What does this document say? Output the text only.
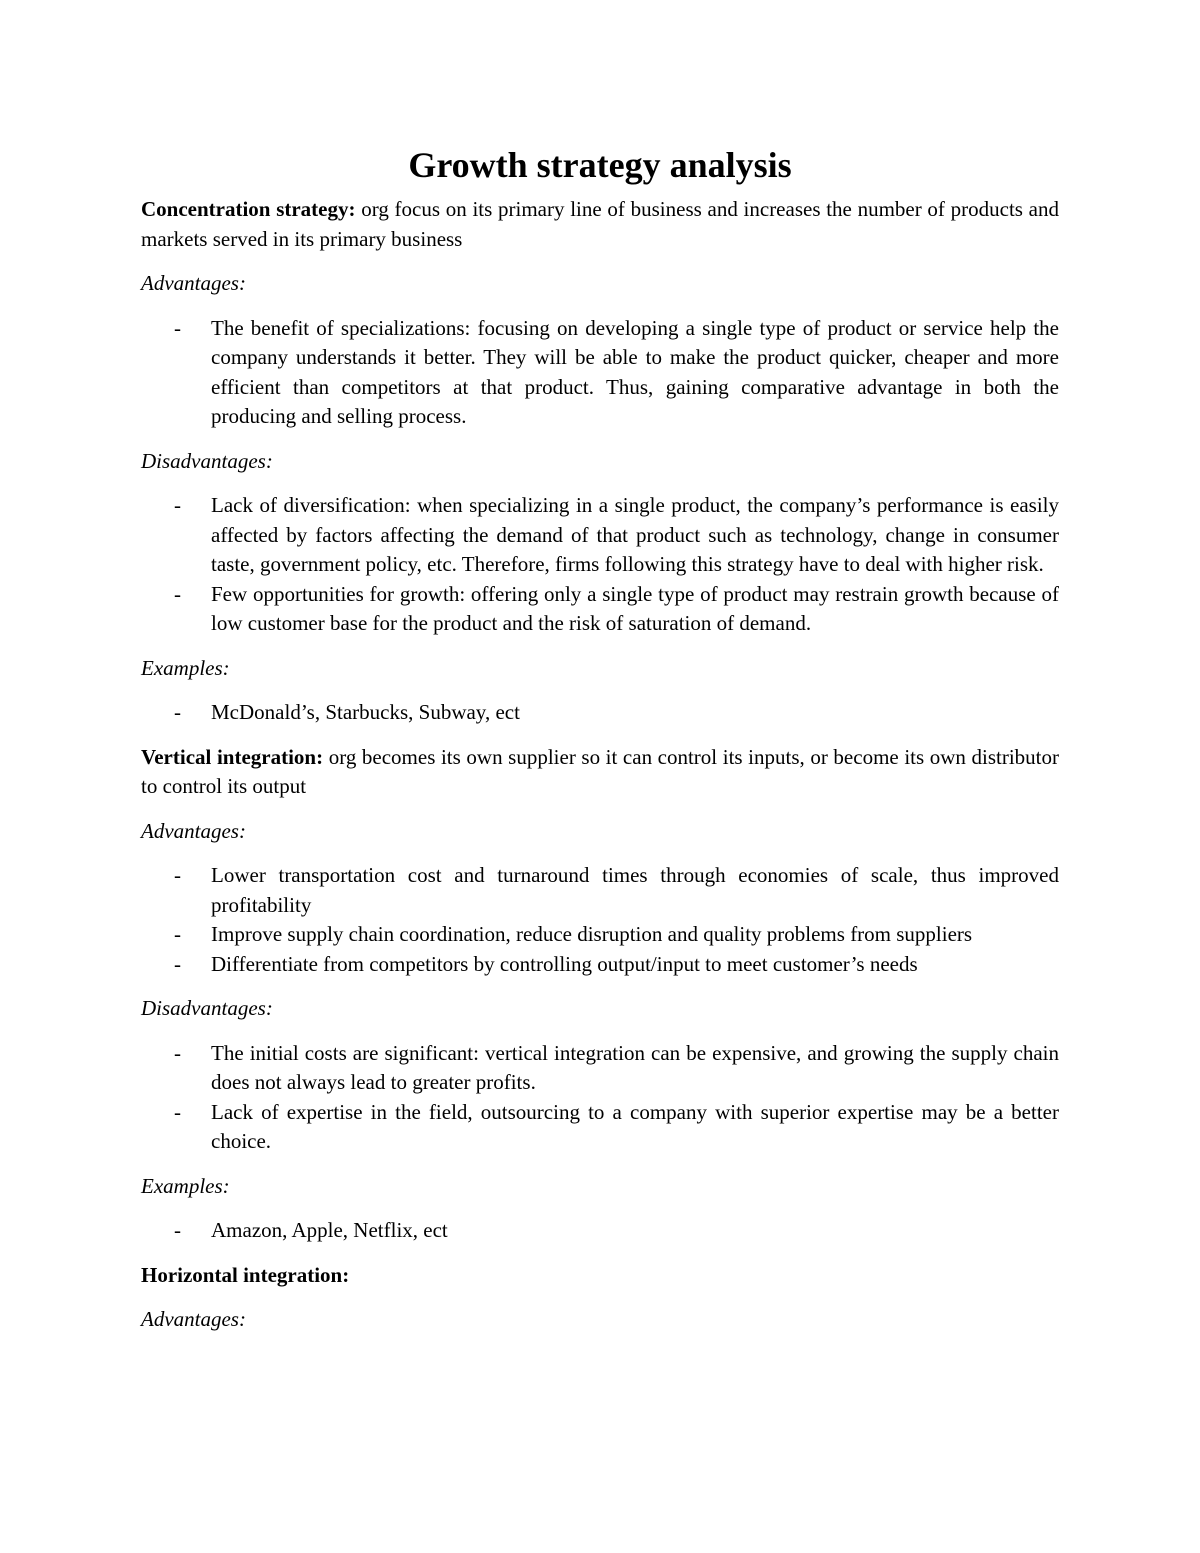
Growth strategy analysis

Concentration strategy: org focus on its primary line of business and increases the number of products and markets served in its primary business

Advantages:

- The benefit of specializations: focusing on developing a single type of product or service help the company understands it better. They will be able to make the product quicker, cheaper and more efficient than competitors at that product. Thus, gaining comparative advantage in both the producing and selling process.

Disadvantages:

- Lack of diversification: when specializing in a single product, the company’s performance is easily affected by factors affecting the demand of that product such as technology, change in consumer taste, government policy, etc. Therefore, firms following this strategy have to deal with higher risk.
- Few opportunities for growth: offering only a single type of product may restrain growth because of low customer base for the product and the risk of saturation of demand.

Examples:

- McDonald’s, Starbucks, Subway, ect

Vertical integration: org becomes its own supplier so it can control its inputs, or become its own distributor to control its output

Advantages:

- Lower transportation cost and turnaround times through economies of scale, thus improved profitability
- Improve supply chain coordination, reduce disruption and quality problems from suppliers
- Differentiate from competitors by controlling output/input to meet customer’s needs

Disadvantages:

- The initial costs are significant: vertical integration can be expensive, and growing the supply chain does not always lead to greater profits.
- Lack of expertise in the field, outsourcing to a company with superior expertise may be a better choice.

Examples:

- Amazon, Apple, Netflix, ect

Horizontal integration:

Advantages:
